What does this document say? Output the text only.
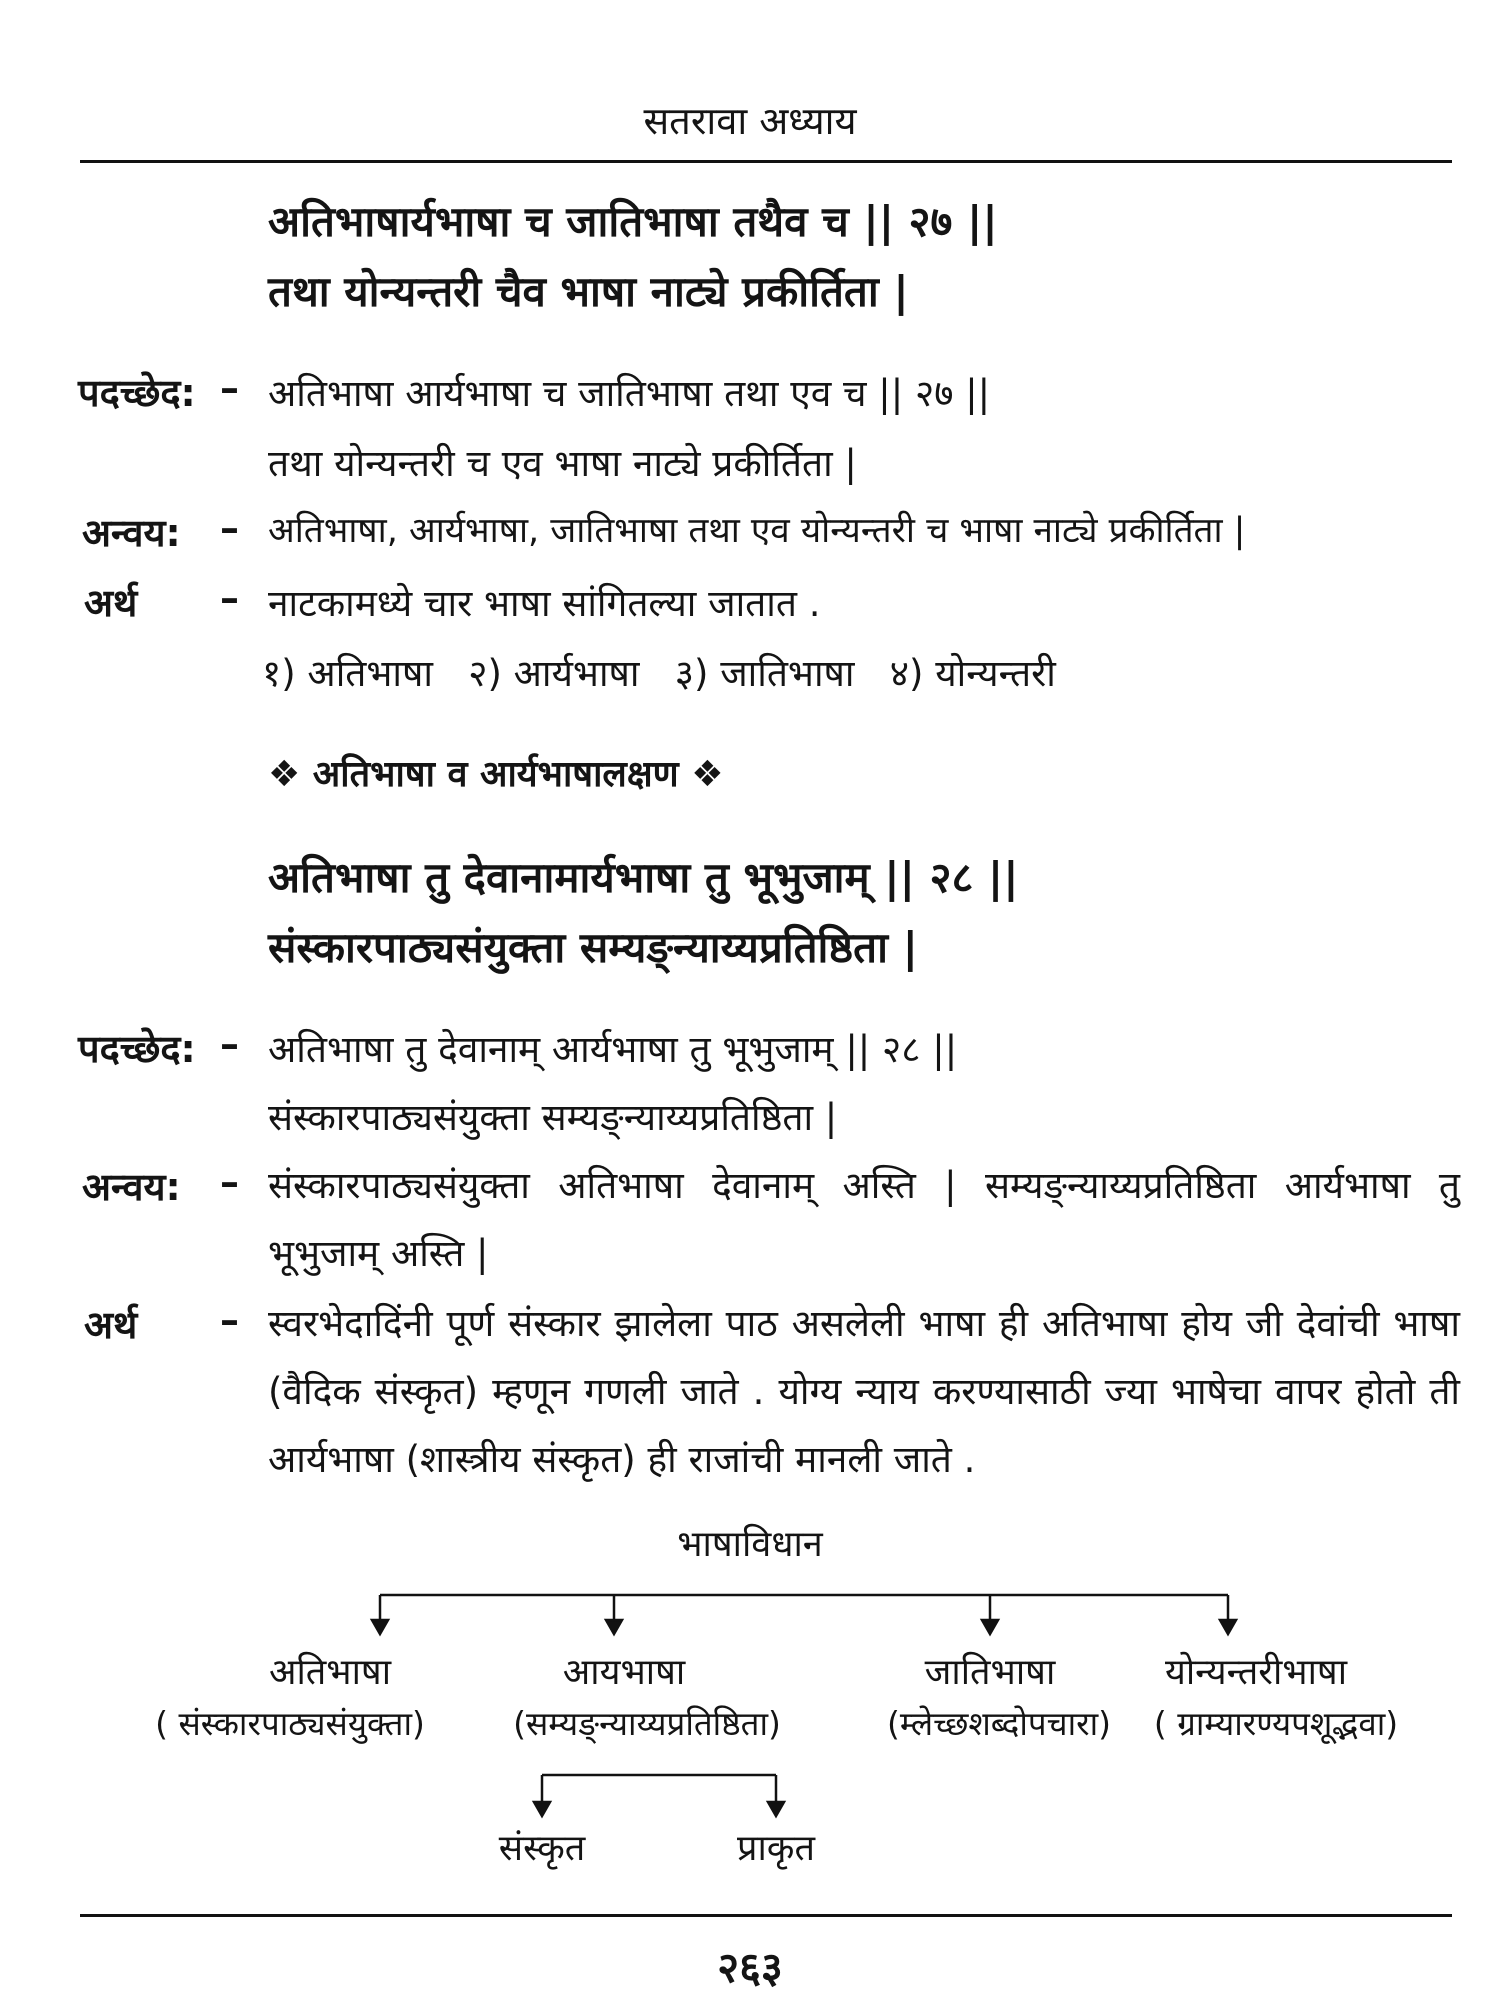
सतरावा अध्याय
अतिभाषार्यभाषा च जातिभाषा तथैव च || २७ ||
तथा योन्यन्तरी चैव भाषा नाट्ये प्रकीर्तिता |
पदच्छेद: – अतिभाषा आर्यभाषा च जातिभाषा तथा एव च || २७ ||
तथा योन्यन्तरी च एव भाषा नाट्ये प्रकीर्तिता |
अन्वय: – अतिभाषा, आर्यभाषा, जातिभाषा तथा एव योन्यन्तरी च भाषा नाट्ये प्रकीर्तिता |
अर्थ – नाटकामध्ये चार भाषा सांगितल्या जातात .
१) अतिभाषा   २) आर्यभाषा   ३) जातिभाषा   ४) योन्यन्तरी
❖ अतिभाषा व आर्यभाषालक्षण ❖
अतिभाषा तु देवानामार्यभाषा तु भूभुजाम् || २८ ||
संस्कारपाठ्यसंयुक्ता सम्यङ्न्याय्यप्रतिष्ठिता |
पदच्छेद: – अतिभाषा तु देवानाम् आर्यभाषा तु भूभुजाम् || २८ ||
संस्कारपाठ्यसंयुक्ता सम्यङ्न्याय्यप्रतिष्ठिता |
अन्वय: – संस्कारपाठ्यसंयुक्ता अतिभाषा देवानाम् अस्ति | सम्यङ्न्याय्यप्रतिष्ठिता आर्यभाषा तु भूभुजाम् अस्ति |
अर्थ – स्वरभेदादिंनी पूर्ण संस्कार झालेला पाठ असलेली भाषा ही अतिभाषा होय जी देवांची भाषा (वैदिक संस्कृत) म्हणून गणली जाते . योग्य न्याय करण्यासाठी ज्या भाषेचा वापर होतो ती आर्यभाषा (शास्त्रीय संस्कृत) ही राजांची मानली जाते .
भाषाविधान
अतिभाषा
( संस्कारपाठ्यसंयुक्ता)
आयभाषा
(सम्यङ्न्याय्यप्रतिष्ठिता)
जातिभाषा
(म्लेच्छशब्दोपचारा)
योन्यन्तरीभाषा
( ग्राम्यारण्यपशूद्भवा)
संस्कृत	प्राकृत
२६३
